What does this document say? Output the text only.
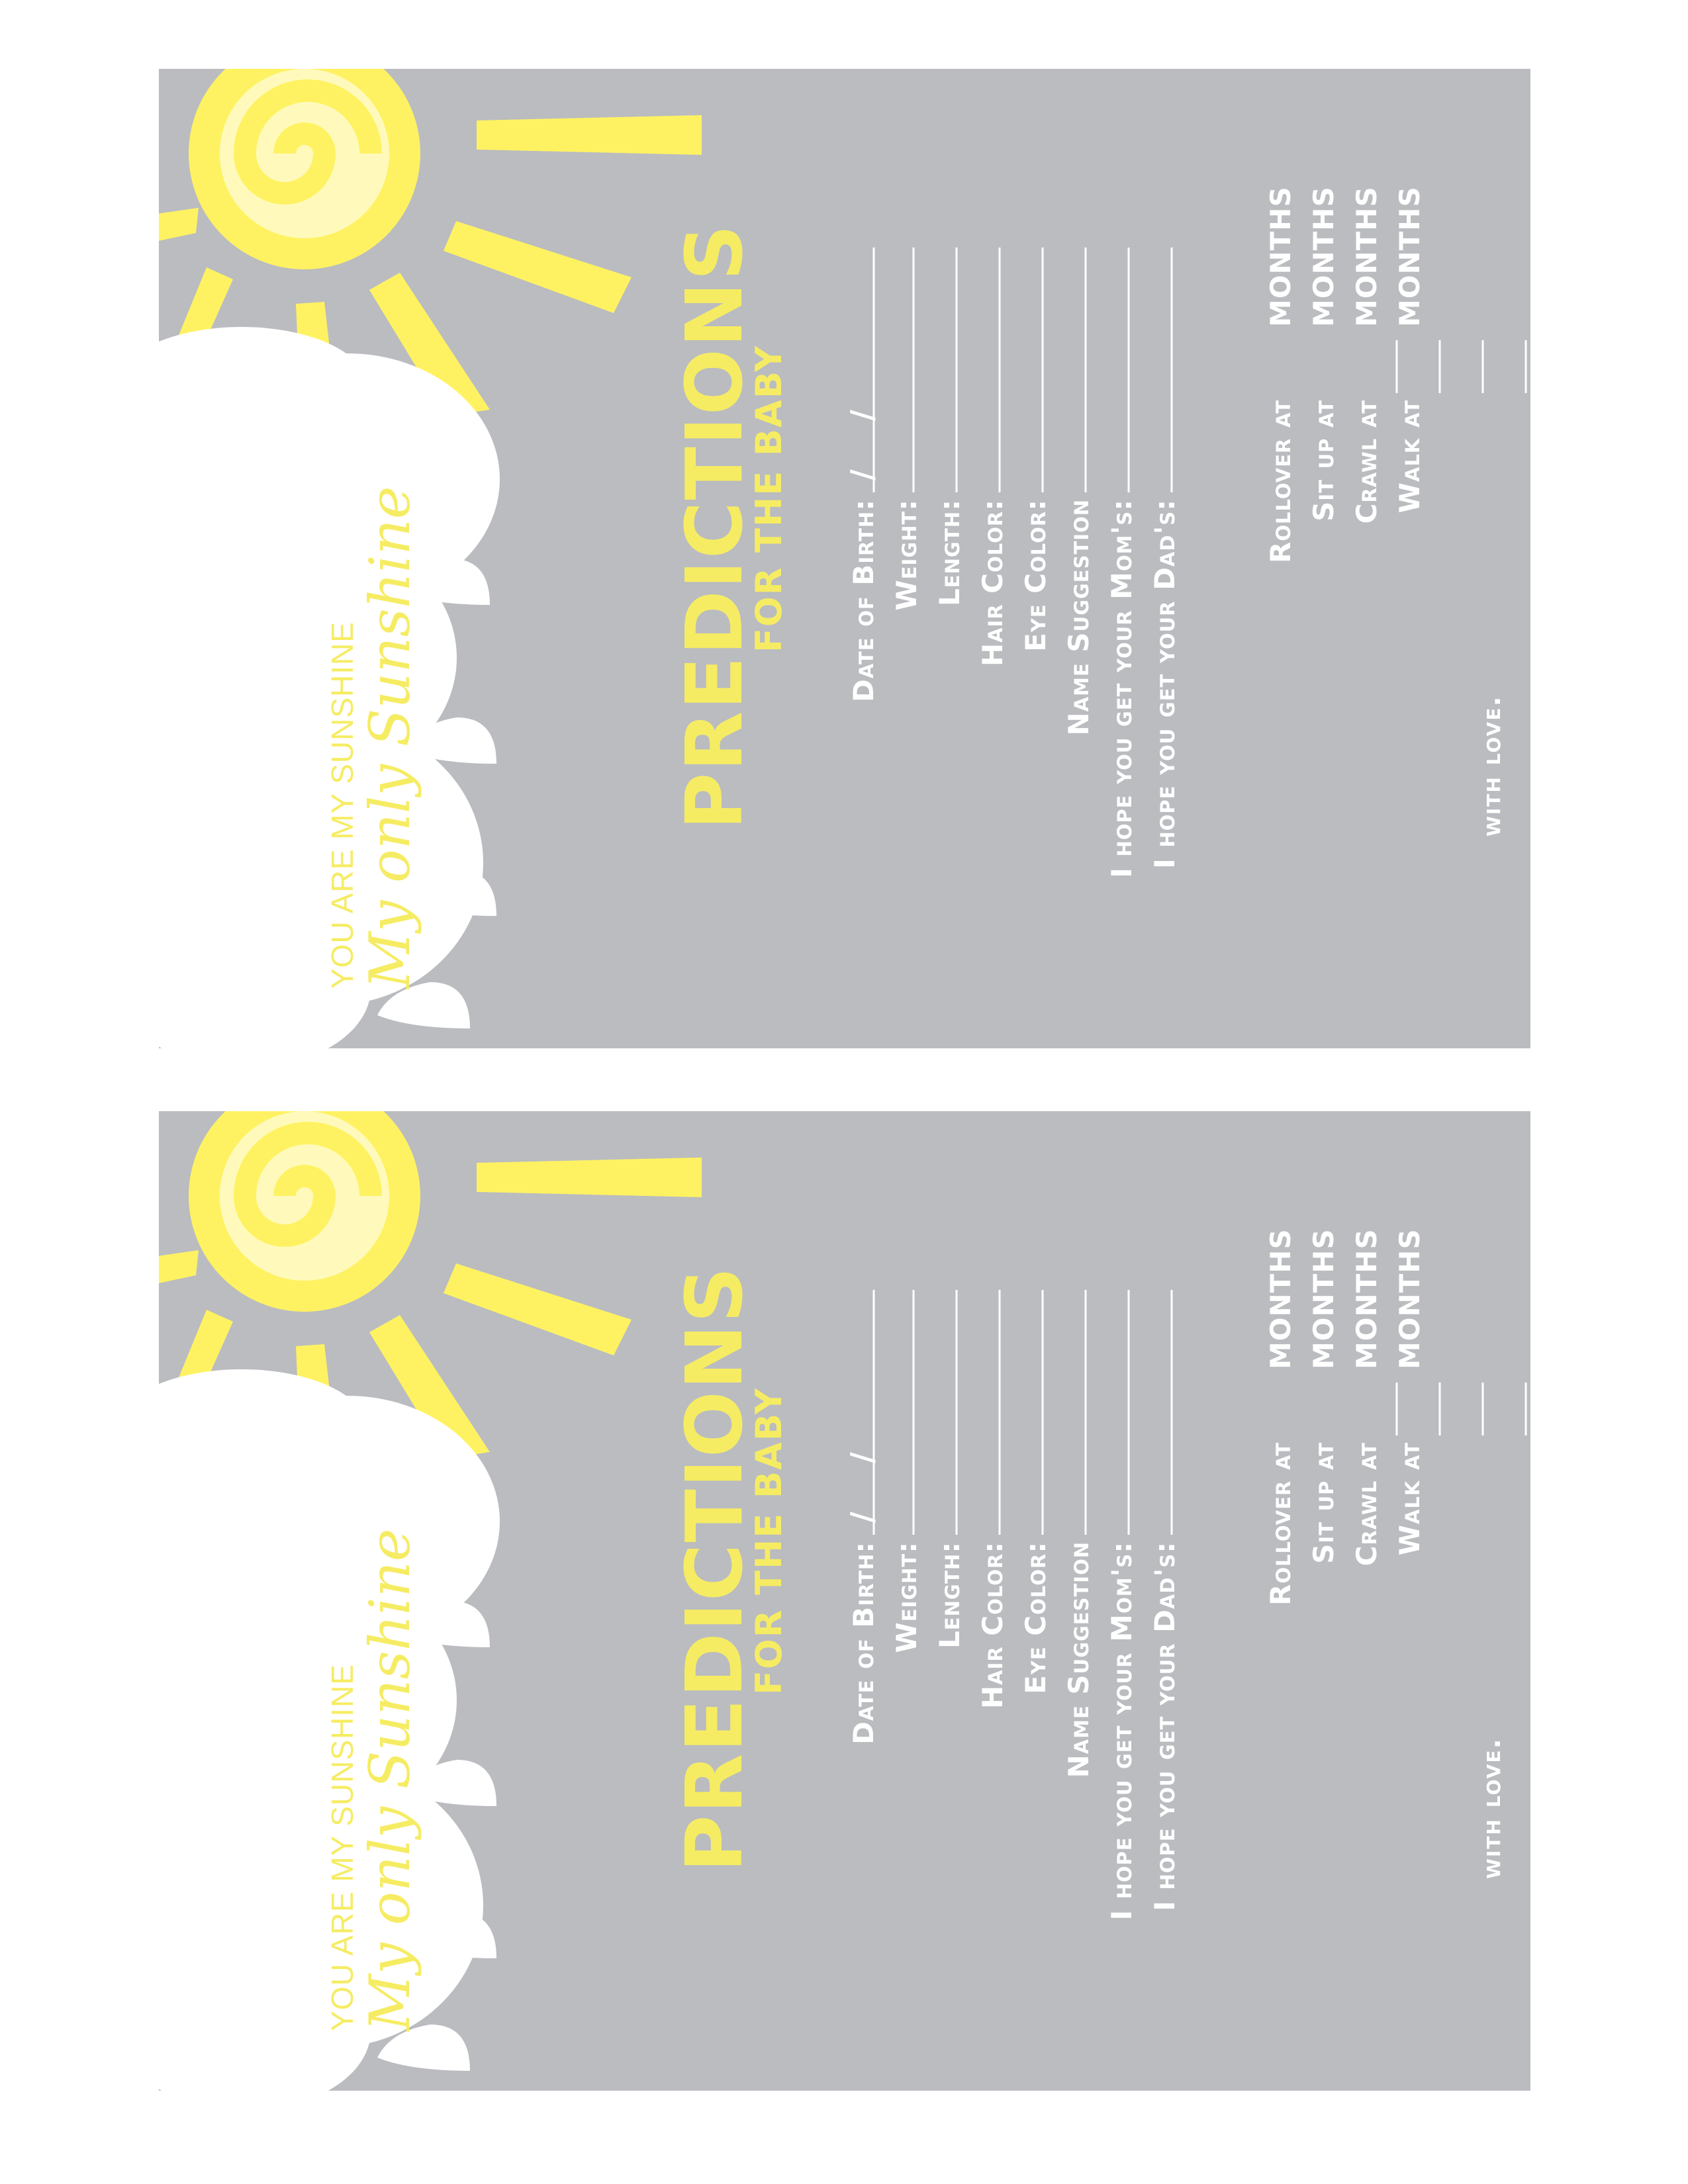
YOU ARE MY SUNSHINE

My only Sunshine	PREDICTIONS

FOR THE BABY Date of Birth:

/
/

Weight: Length: Hair Color: Eye Color: Name Suggestion I hope you get your Mom's: I hope you get your Dad's:

Rollover at

MONTHS

Sit up at

MONTHS

Crawl at

MONTHS

Walk at

MONTHS

with love.

YOU ARE MY SUNSHINE

My only Sunshine	PREDICTIONS

FOR THE BABY Date of Birth:

/
/

Weight: Length: Hair Color: Eye Color: Name Suggestion I hope you get your Mom's: I hope you get your Dad's:

Rollover at

MONTHS

Sit up at

MONTHS

Crawl at

MONTHS

Walk at

MONTHS

with love.
